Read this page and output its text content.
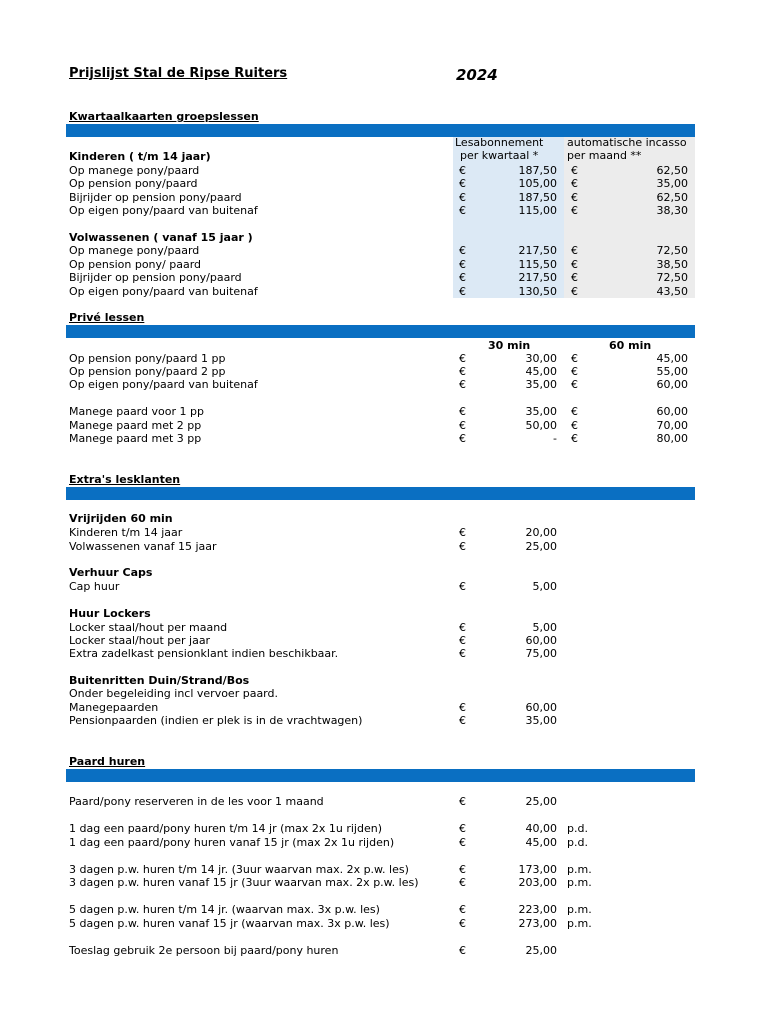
Prijslijst Stal de Ripse Ruiters	2024
Kwartaalkaarten groepslessen
Lesabonnement
per kwartaal *
automatische incasso
per maand **
Kinderen ( t/m 14 jaar)
Op manege pony/paard	€	187,50 €	62,50
Op pension pony/paard	€	105,00 €	35,00
Bijrijder op pension pony/paard	€	187,50 €	62,50
Op eigen pony/paard van buitenaf	€	115,00 €	38,30
Volwassenen ( vanaf 15 jaar )
Op manege pony/paard	€	217,50 €	72,50
Op pension pony/ paard	€	115,50 €	38,50
Bijrijder op pension pony/paard	€	217,50 €	72,50
Op eigen pony/paard van buitenaf	€	130,50 €	43,50
Privé lessen
30 min	60 min
Op pension pony/paard 1 pp	€	30,00 €	45,00
Op pension pony/paard 2 pp	€	45,00 €	55,00
Op eigen pony/paard van buitenaf	€	35,00 €	60,00
Manege paard voor 1 pp	€	35,00 €	60,00
Manege paard met 2 pp	€	50,00 €	70,00
Manege paard met 3 pp	€	- €	80,00
Extra's lesklanten
Vrijrijden 60 min
Kinderen t/m 14 jaar	€	20,00
Volwassenen vanaf 15 jaar	€	25,00
Verhuur Caps
Cap huur	€	5,00
Huur Lockers
Locker staal/hout per maand	€	5,00
Locker staal/hout per jaar	€	60,00
Extra zadelkast pensionklant indien beschikbaar.	€	75,00
Buitenritten Duin/Strand/Bos
Onder begeleiding incl vervoer paard.
Manegepaarden	€	60,00
Pensionpaarden (indien er plek is in de vrachtwagen)	€	35,00
Paard huren
Paard/pony reserveren in de les voor 1 maand	€	25,00
1 dag een paard/pony huren t/m 14 jr (max 2x 1u rijden)	€	40,00 p.d.
1 dag een paard/pony huren vanaf 15 jr (max 2x 1u rijden)	€	45,00 p.d.
3 dagen p.w. huren t/m 14 jr. (3uur waarvan max. 2x p.w. les)	€	173,00 p.m.
3 dagen p.w. huren vanaf 15 jr (3uur waarvan max. 2x p.w. les)	€	203,00 p.m.
5 dagen p.w. huren t/m 14 jr. (waarvan max. 3x p.w. les)	€	223,00 p.m.
5 dagen p.w. huren vanaf 15 jr (waarvan max. 3x p.w. les)	€	273,00 p.m.
Toeslag gebruik 2e persoon bij paard/pony huren	€	25,00
